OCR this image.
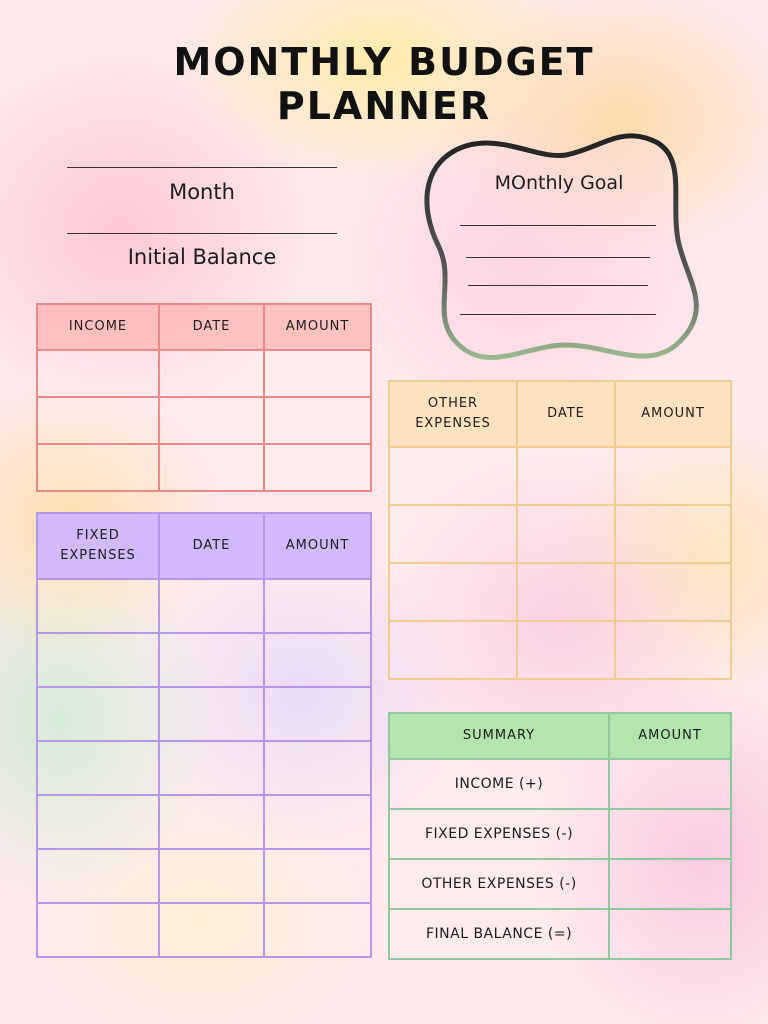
MONTHLY BUDGET
PLANNER
Month
Initial Balance
MOnthly Goal
INCOME	DATE	AMOUNT

FIXED
EXPENSES	DATE	AMOUNT

OTHER
EXPENSES	DATE	AMOUNT

SUMMARY	AMOUNT
INCOME (+)	
FIXED EXPENSES (-)	
OTHER EXPENSES (-)	
FINAL BALANCE (=)	
